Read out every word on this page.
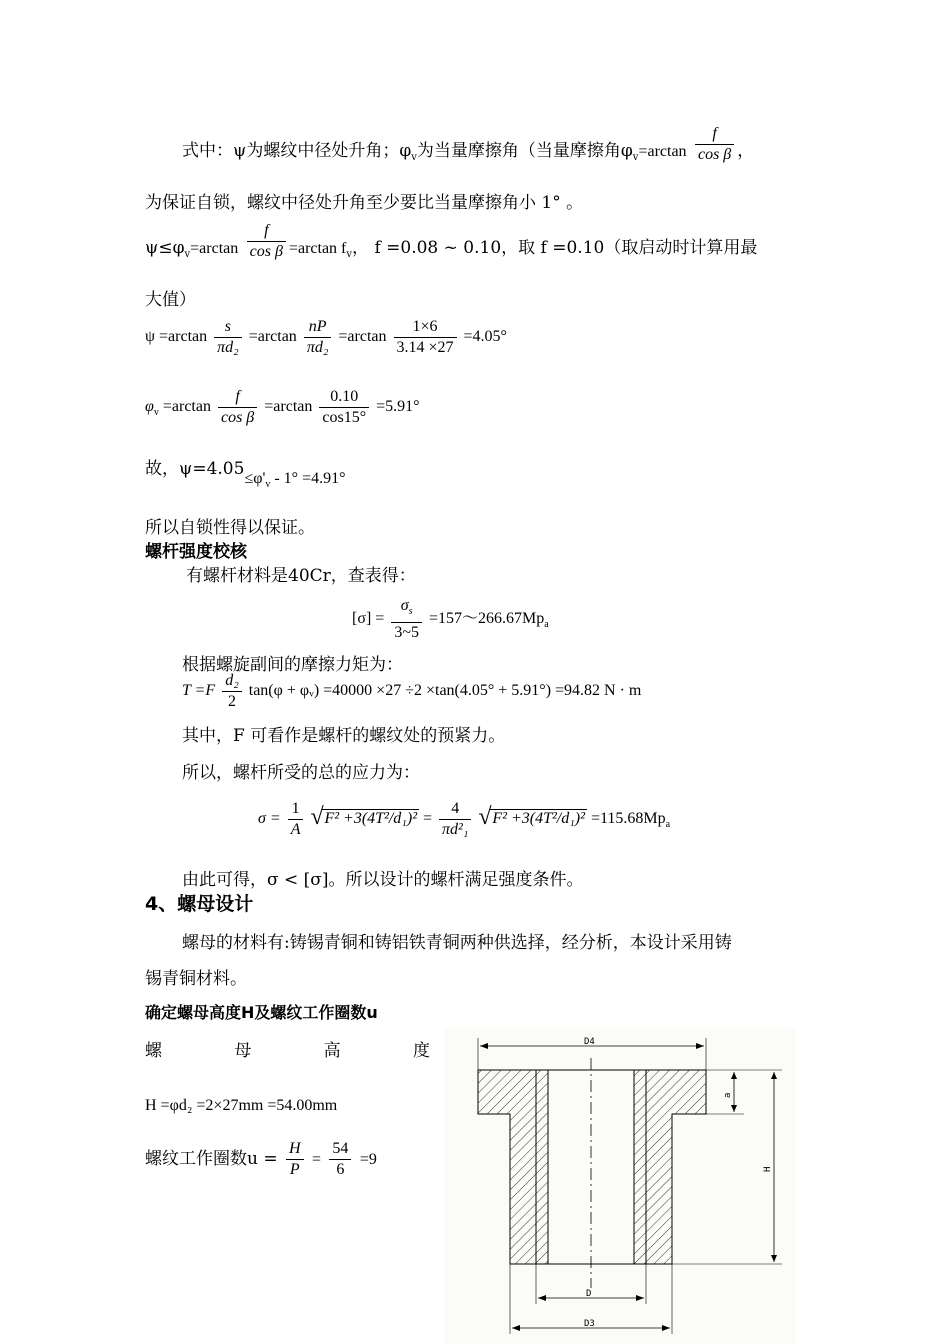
式中：ψ为螺纹中径处升角；$\varphi_v$为当量摩擦角（当量摩擦角$\varphi_v=\arctan \frac{f}{\text{cos β}}$ ，
为保证自锁，螺纹中径处升角至少要比当量摩擦角小 1° 。
$\psi\le\varphi_v=\arctan \frac{f}{\text{cos β}} =\arctan$ $f_v$， f =0.08 ~ 0.10，取 f =0.10（取启动时计算用最
大值）
$\psi =\arctan \frac{s}{\text{πd₂}} =\arctan \frac{nP}{\text{πd₂}} =\arctan \frac{1\times 6}{3.14 \times 27} =4.05^\circ$
$\varphi_v =\arctan \frac{f}{\text{cos β}} =\arctan \frac{0.10}{\cos 15^\circ} =5.91^\circ$
故，$\psi=4.05\le\varphi'_v - 1^\circ =4.91^\circ$
所以自锁性得以保证。
螺杆强度校核
有螺杆材料是40Cr，查表得：
$[\sigma] = \frac{\sigma_s}{3\sim 5}$ $=157\sim 266.67Mp_a$
根据螺旋副间的摩擦力矩为：
$T =F \frac{\text{d₂}}{2} \tan(\varphi$ + φᵥ) =40000 ×27 ÷2 ×tan(4.05° + 5.91°) =94.82 N · m
其中，F 可看作是螺杆的螺纹处的预紧力。
所以，螺杆所受的总的应力为：
$\sigma = \frac{1}{A}$ √ $F^2 +3(4T^2/d_1)^2 = \frac{4}{\text{πd²₁}}$ √ $F^2 +3(4T^2/d_1)^2 =115.68Mp_a$
由此可得，σ < [σ]。所以设计的螺杆满足强度条件。
4、螺母设计
螺母的材料有:铸锡青铜和铸铝铁青铜两种供选择，经分析，本设计采用铸
锡青铜材料。
确定螺母高度H及螺纹工作圈数u
螺	母	高	度
H =φd₂ =2×27mm =54.00mm
螺纹工作圈数$u = \frac{H}{P} = \frac{54}{6} =9$
D4
a
H
D
D3
